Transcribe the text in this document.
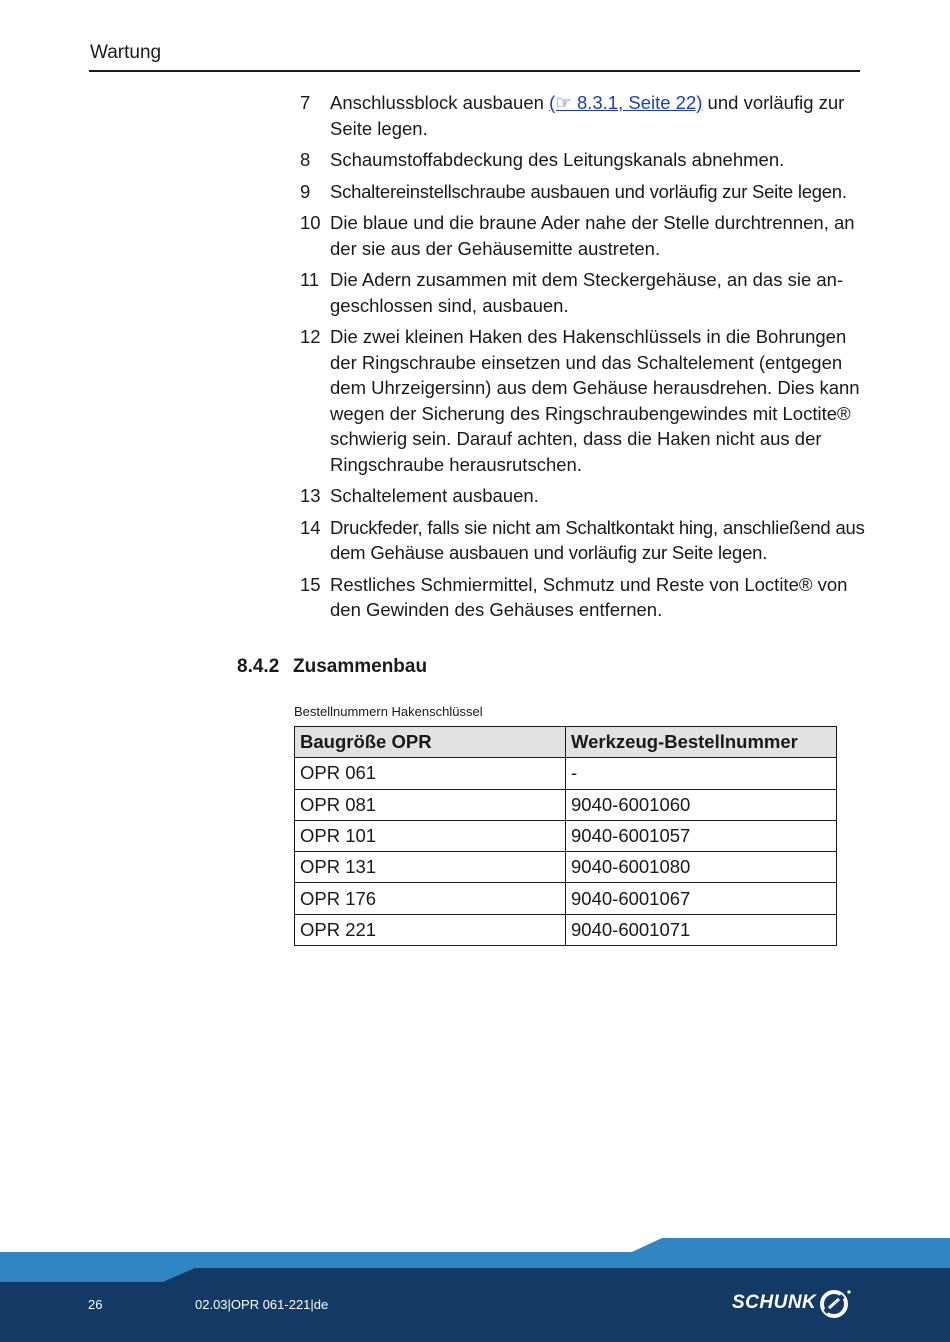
Wartung
7 Anschlussblock ausbauen (☞ 8.3.1, Seite 22) und vorläufig zur Seite legen.
8 Schaumstoffabdeckung des Leitungskanals abnehmen.
9 Schaltereinstellschraube ausbauen und vorläufig zur Seite legen.
10 Die blaue und die braune Ader nahe der Stelle durchtrennen, an der sie aus der Gehäusemitte austreten.
11 Die Adern zusammen mit dem Steckergehäuse, an das sie angeschlossen sind, ausbauen.
12 Die zwei kleinen Haken des Hakenschlüssels in die Bohrungen der Ringschraube einsetzen und das Schaltelement (entgegen dem Uhrzeigersinn) aus dem Gehäuse herausdrehen. Dies kann wegen der Sicherung des Ringschraubengewindes mit Loctite® schwierig sein. Darauf achten, dass die Haken nicht aus der Ringschraube herausrutschen.
13 Schaltelement ausbauen.
14 Druckfeder, falls sie nicht am Schaltkontakt hing, anschließend aus dem Gehäuse ausbauen und vorläufig zur Seite legen.
15 Restliches Schmiermittel, Schmutz und Reste von Loctite® von den Gewinden des Gehäuses entfernen.
8.4.2 Zusammenbau
Bestellnummern Hakenschlüssel
Baugröße OPR	Werkzeug-Bestellnummer
OPR 061	-
OPR 081	9040-6001060
OPR 101	9040-6001057
OPR 131	9040-6001080
OPR 176	9040-6001067
OPR 221	9040-6001071
26	02.03|OPR 061-221|de	SCHUNK
